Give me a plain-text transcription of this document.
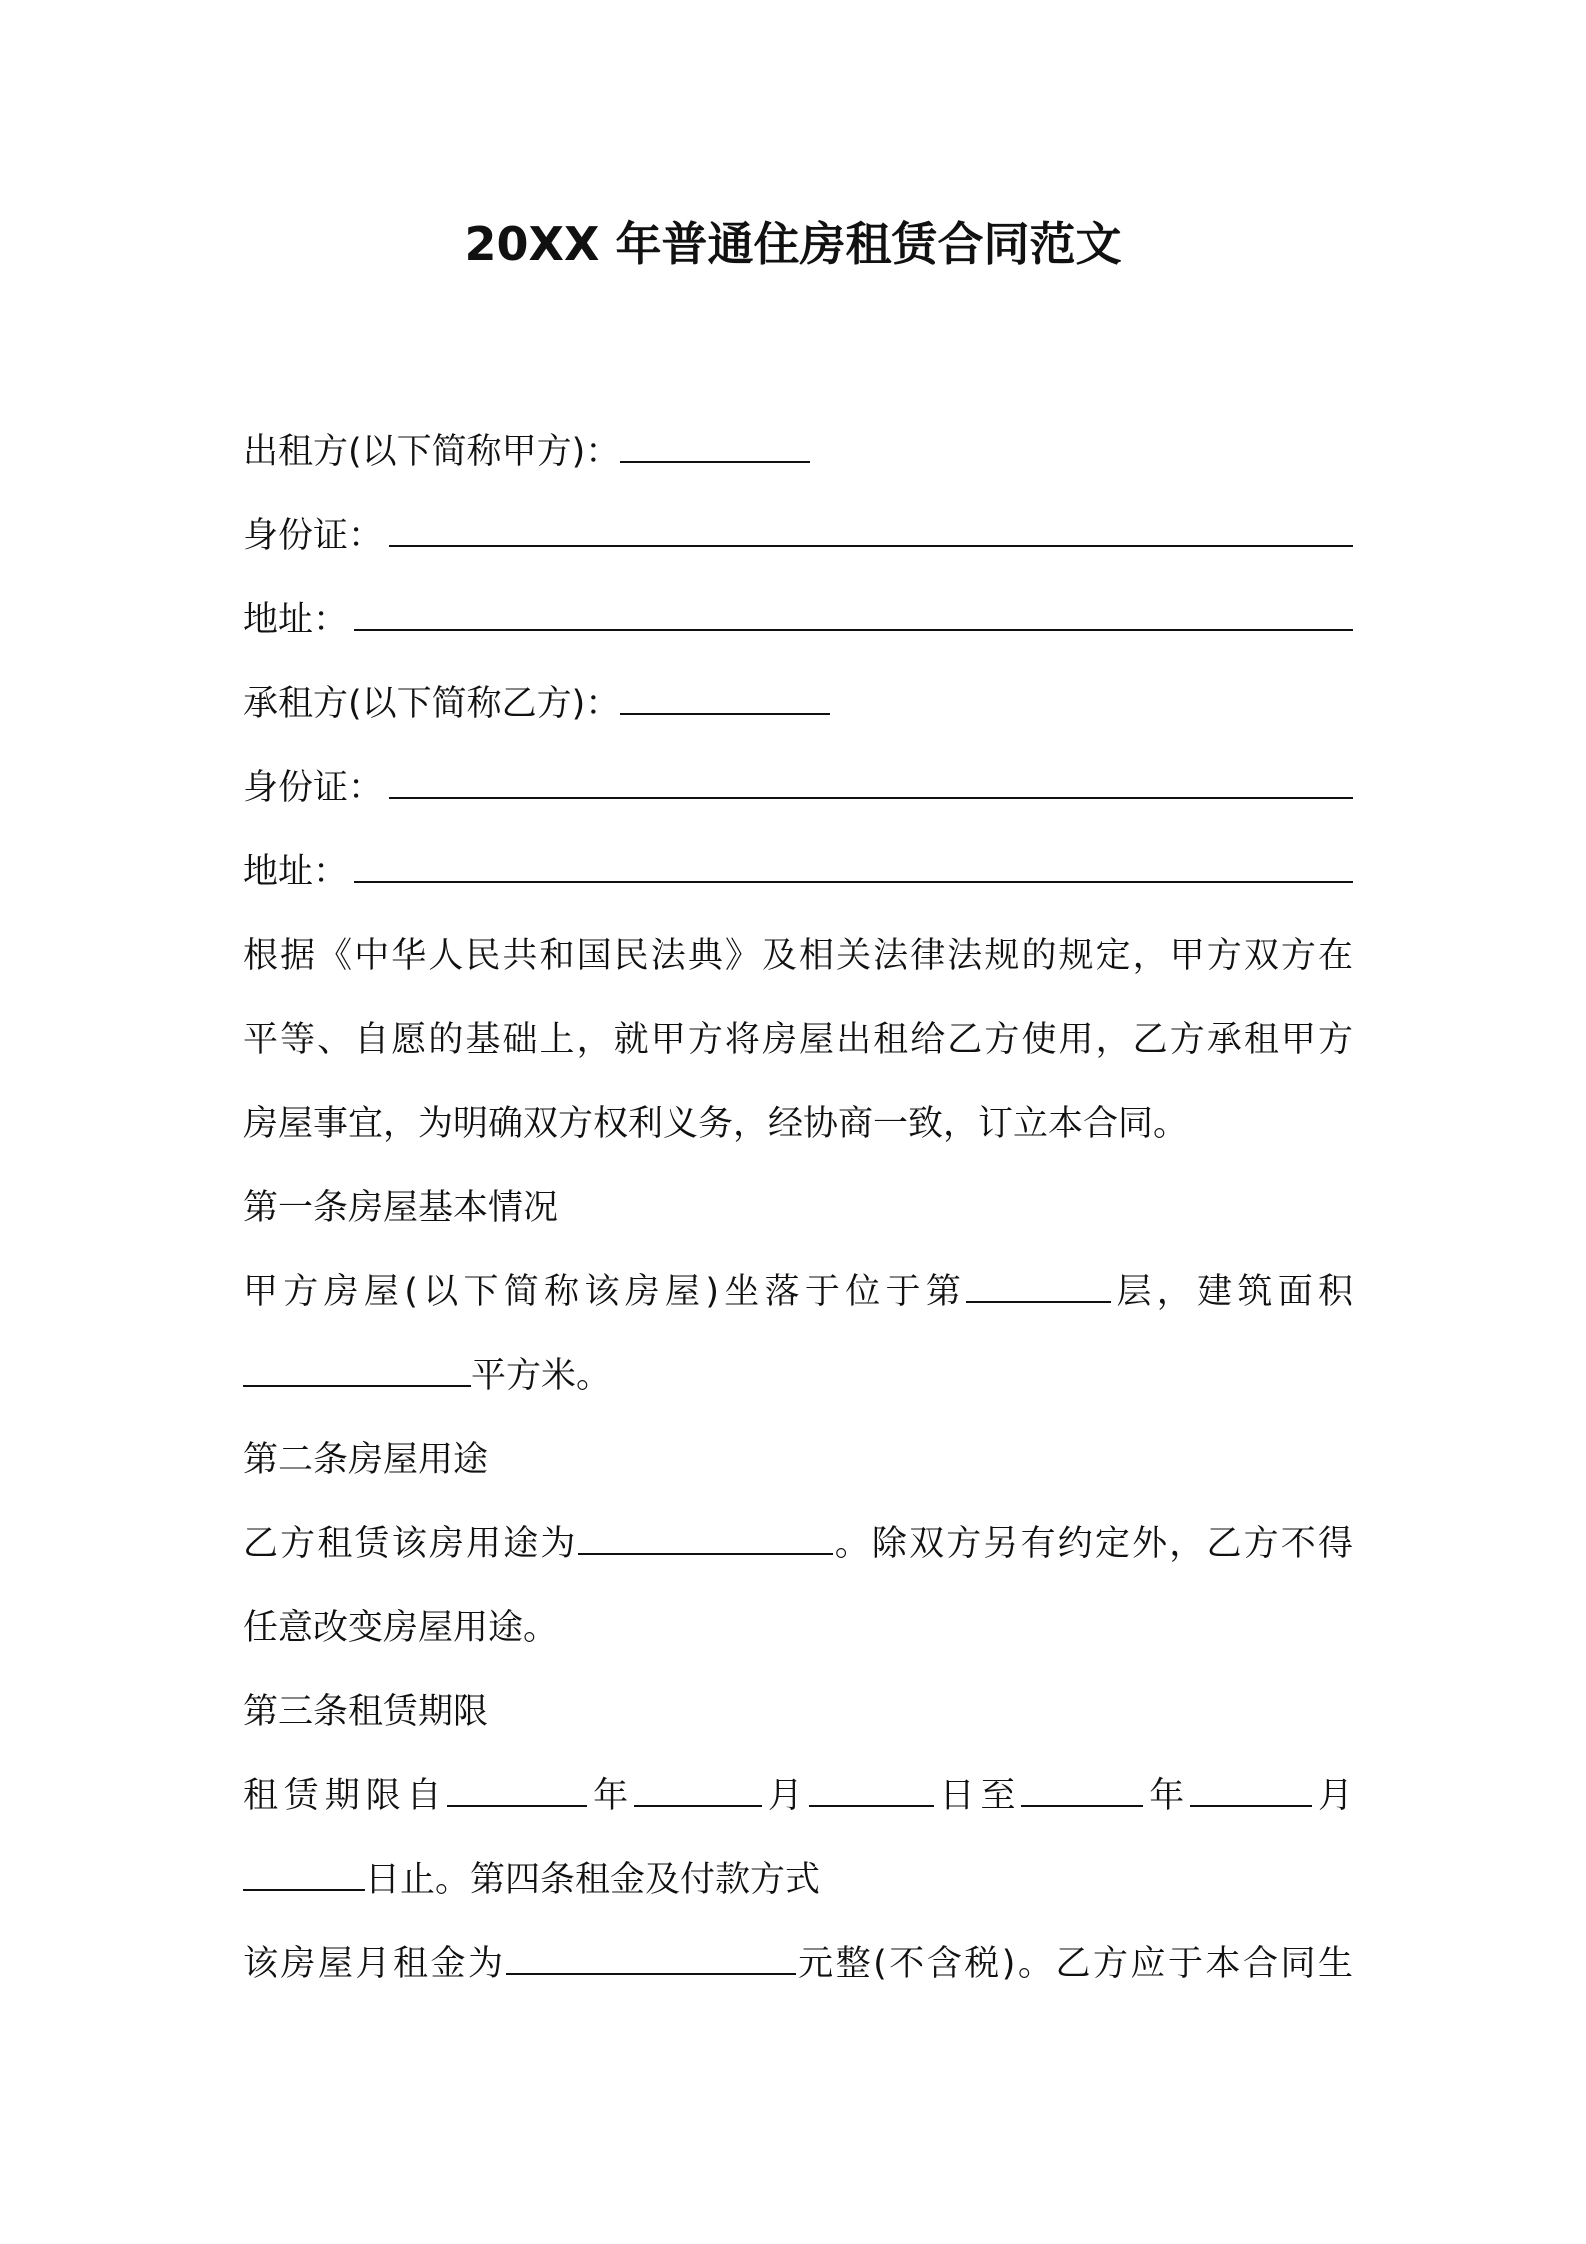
20XX 年普通住房租赁合同范文
出租方(以下简称甲方)：
身份证：
地址：
承租方(以下简称乙方)：
身份证：
地址：
根据《中华人民共和国民法典》及相关法律法规的规定，甲方双方在
平等、自愿的基础上，就甲方将房屋出租给乙方使用，乙方承租甲方
房屋事宜，为明确双方权利义务，经协商一致，订立本合同。
第一条房屋基本情况
甲方房屋(以下简称该房屋)坐落于位于第	层，建筑面积
平方米。
第二条房屋用途
乙方租赁该房用途为	。除双方另有约定外，乙方不得
任意改变房屋用途。
第三条租赁期限
租赁期限自	年	月	日至	年	月
日止。第四条租金及付款方式
该房屋月租金为	元整(不含税)。乙方应于本合同生
